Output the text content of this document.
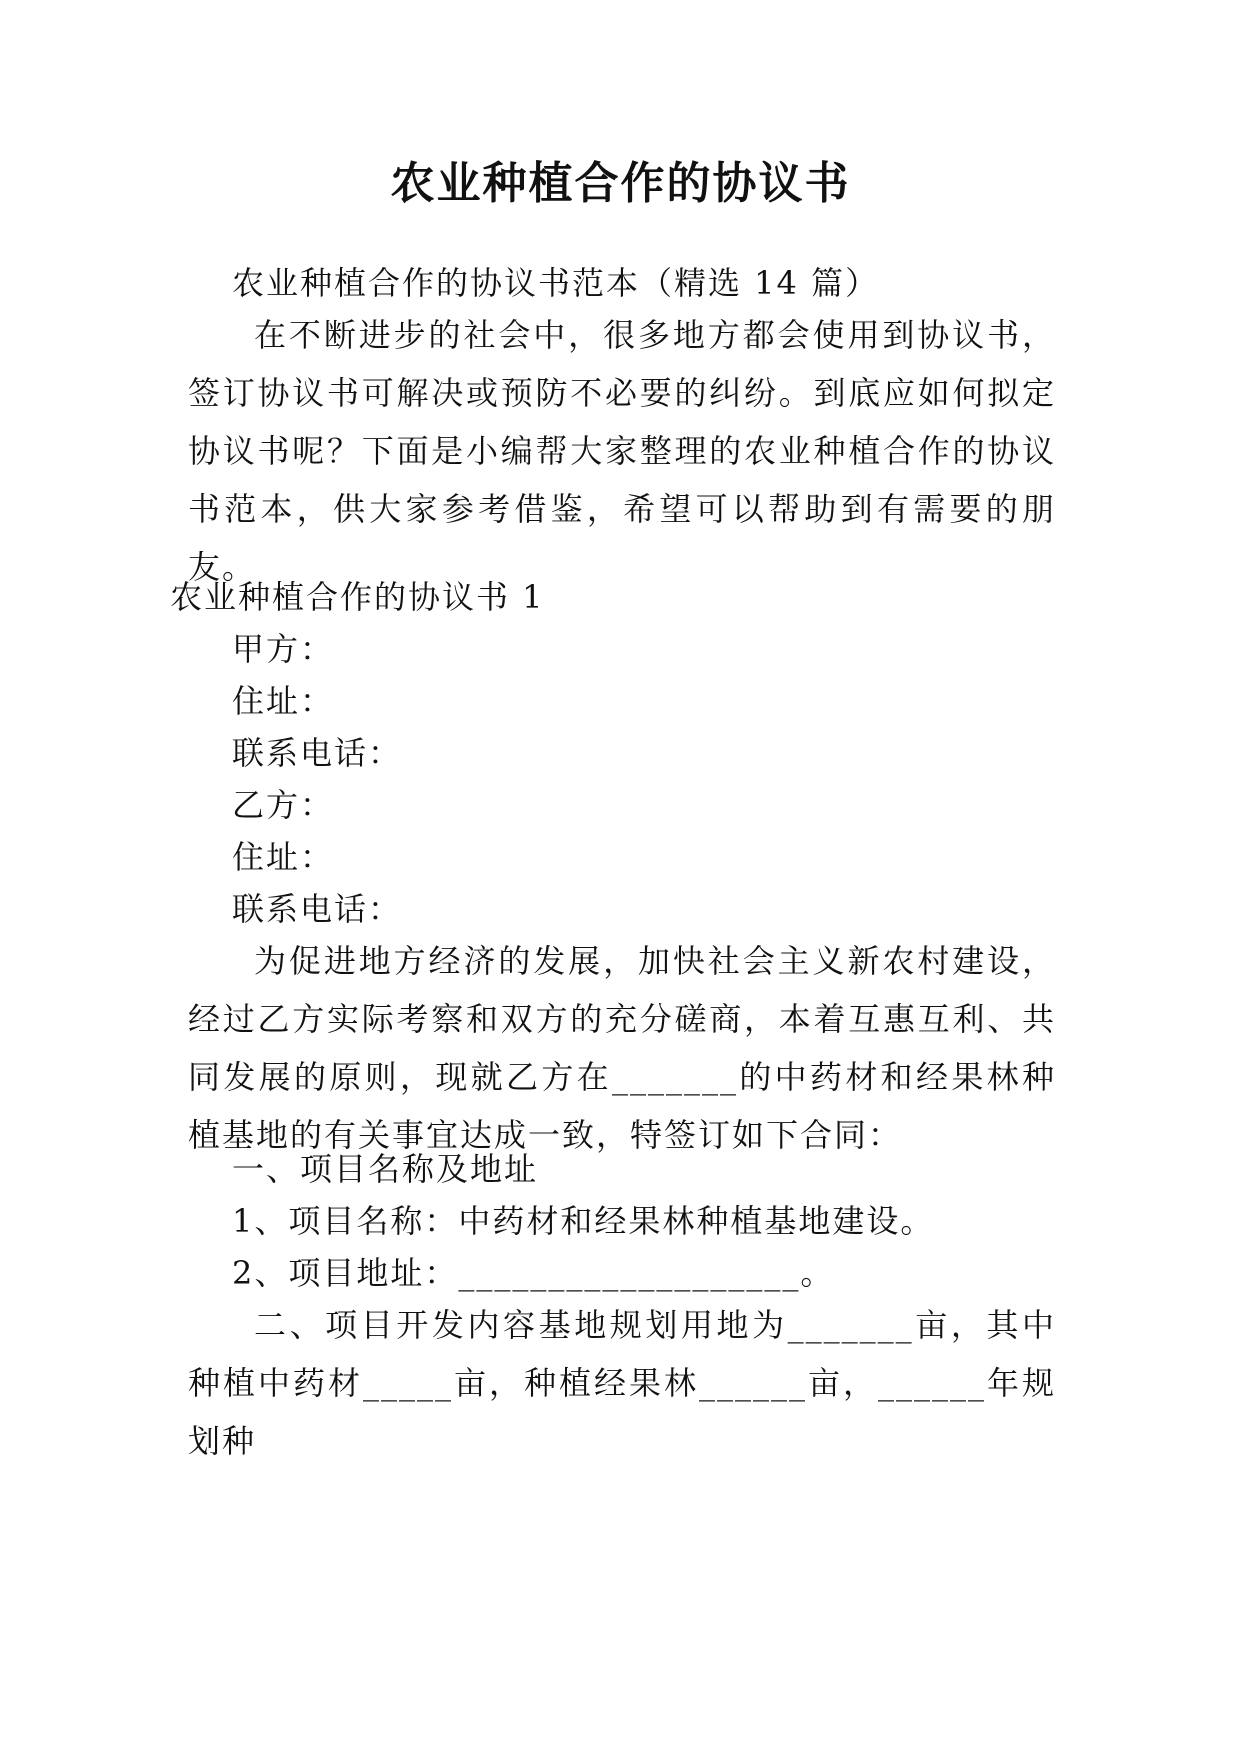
农业种植合作的协议书
农业种植合作的协议书范本（精选 14 篇）
在不断进步的社会中，很多地方都会使用到协议书，签订协议书可解决或预防不必要的纠纷。到底应如何拟定协议书呢？下面是小编帮大家整理的农业种植合作的协议书范本，供大家参考借鉴，希望可以帮助到有需要的朋友。
农业种植合作的协议书 1
甲方：
住址：
联系电话：
乙方：
住址：
联系电话：
为促进地方经济的发展，加快社会主义新农村建设，经过乙方实际考察和双方的充分磋商，本着互惠互利、共同发展的原则，现就乙方在_______的中药材和经果林种植基地的有关事宜达成一致，特签订如下合同：
一、项目名称及地址
1、项目名称：中药材和经果林种植基地建设。
2、项目地址：___________________。
二、项目开发内容基地规划用地为_______亩，其中种植中药材_____亩，种植经果林______亩，______年规划种
